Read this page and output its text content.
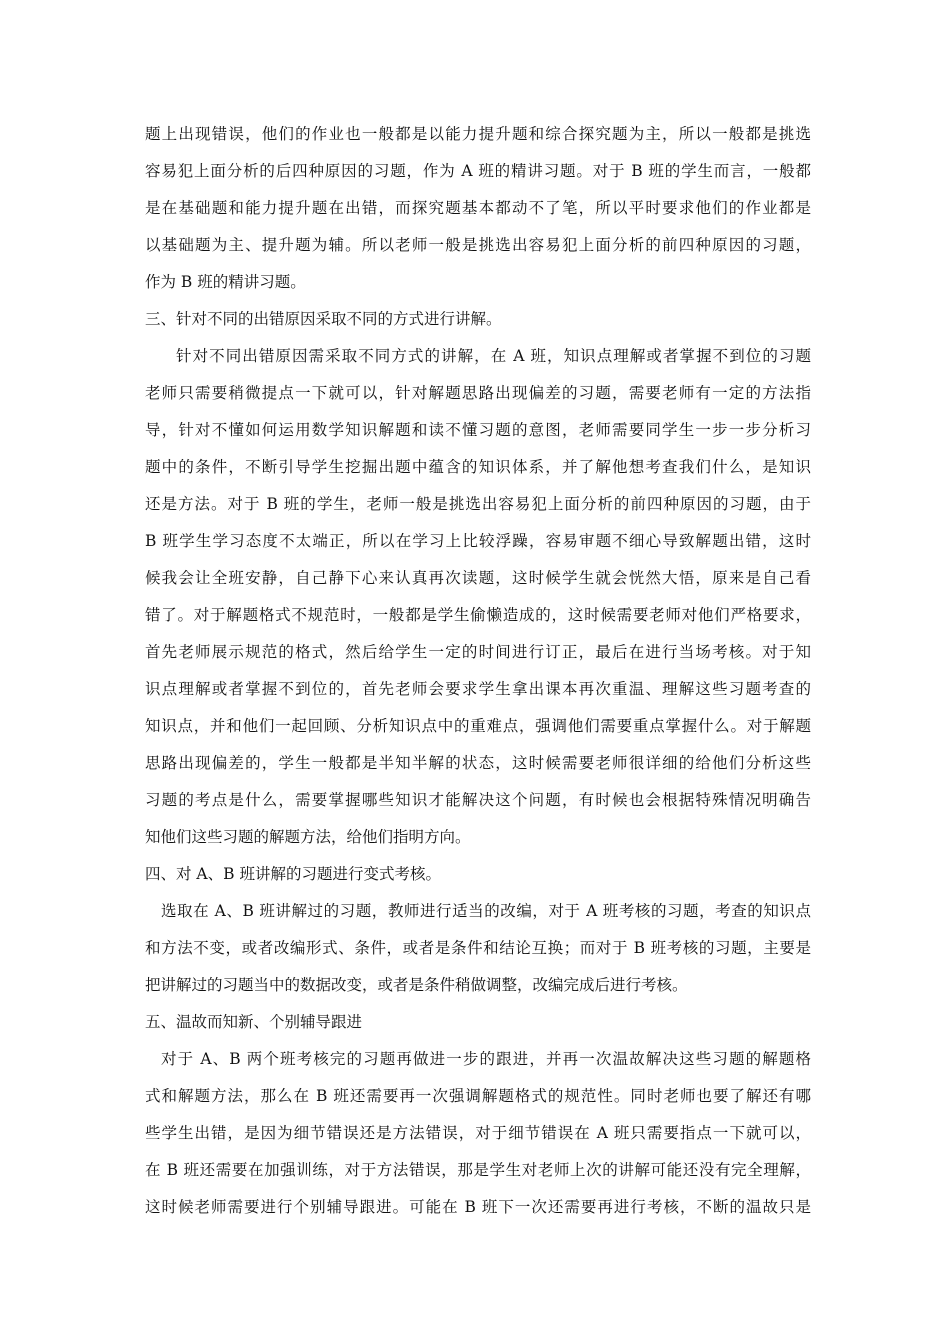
题上出现错误，他们的作业也一般都是以能力提升题和综合探究题为主，所以一般都是挑选
容易犯上面分析的后四种原因的习题，作为 A 班的精讲习题。对于 B 班的学生而言，一般都
是在基础题和能力提升题在出错，而探究题基本都动不了笔，所以平时要求他们的作业都是
以基础题为主、提升题为辅。所以老师一般是挑选出容易犯上面分析的前四种原因的习题，
作为 B 班的精讲习题。
三、针对不同的出错原因采取不同的方式进行讲解。
针对不同出错原因需采取不同方式的讲解，在 A 班，知识点理解或者掌握不到位的习题
老师只需要稍微提点一下就可以，针对解题思路出现偏差的习题，需要老师有一定的方法指
导，针对不懂如何运用数学知识解题和读不懂习题的意图，老师需要同学生一步一步分析习
题中的条件，不断引导学生挖掘出题中蕴含的知识体系，并了解他想考查我们什么，是知识
还是方法。对于 B 班的学生，老师一般是挑选出容易犯上面分析的前四种原因的习题，由于
B 班学生学习态度不太端正，所以在学习上比较浮躁，容易审题不细心导致解题出错，这时
候我会让全班安静，自己静下心来认真再次读题，这时候学生就会恍然大悟，原来是自己看
错了。对于解题格式不规范时，一般都是学生偷懒造成的，这时候需要老师对他们严格要求，
首先老师展示规范的格式，然后给学生一定的时间进行订正，最后在进行当场考核。对于知
识点理解或者掌握不到位的，首先老师会要求学生拿出课本再次重温、理解这些习题考查的
知识点，并和他们一起回顾、分析知识点中的重难点，强调他们需要重点掌握什么。对于解题
思路出现偏差的，学生一般都是半知半解的状态，这时候需要老师很详细的给他们分析这些
习题的考点是什么，需要掌握哪些知识才能解决这个问题，有时候也会根据特殊情况明确告
知他们这些习题的解题方法，给他们指明方向。
四、对 A、B 班讲解的习题进行变式考核。
选取在 A、B 班讲解过的习题，教师进行适当的改编，对于 A 班考核的习题，考查的知识点
和方法不变，或者改编形式、条件，或者是条件和结论互换；而对于 B 班考核的习题，主要是
把讲解过的习题当中的数据改变，或者是条件稍做调整，改编完成后进行考核。
五、温故而知新、个别辅导跟进
对于 A、B 两个班考核完的习题再做进一步的跟进，并再一次温故解决这些习题的解题格
式和解题方法，那么在 B 班还需要再一次强调解题格式的规范性。同时老师也要了解还有哪
些学生出错，是因为细节错误还是方法错误，对于细节错误在 A 班只需要指点一下就可以，
在 B 班还需要在加强训练，对于方法错误，那是学生对老师上次的讲解可能还没有完全理解，
这时候老师需要进行个别辅导跟进。可能在 B 班下一次还需要再进行考核，不断的温故只是
